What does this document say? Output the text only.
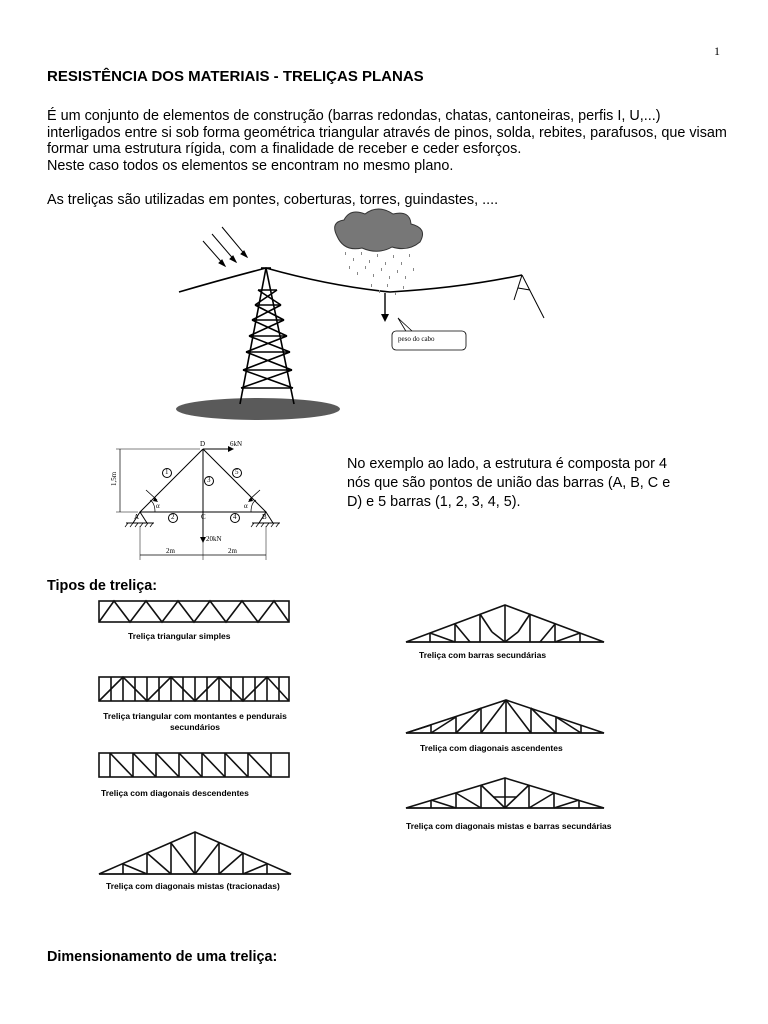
1
RESISTÊNCIA DOS MATERIAIS - TRELIÇAS PLANAS
É um conjunto de elementos de construção (barras redondas, chatas, cantoneiras, perfis I, U,...)
interligados entre si sob forma geométrica triangular através de pinos, solda, rebites, parafusos, que visam
formar uma estrutura rígida, com a finalidade de receber e ceder esforços.
Neste caso todos os elementos se encontram no mesmo plano.
As treliças são utilizadas em pontes, coberturas, torres, guindastes, ....
peso do cabo
D	6kN
A	B
C
1
2
3
4
5
20kN
1,5m
2m	2m
α	α
No exemplo ao lado, a estrutura é composta por 4
nós que são pontos de união das barras (A, B, C e
D) e 5 barras (1, 2, 3, 4, 5).
Tipos de treliça:
Treliça triangular simples
Treliça triangular com montantes e pendurais
secundários
Treliça com diagonais descendentes
Treliça com diagonais mistas (tracionadas)
Treliça com barras secundárias
Treliça com diagonais ascendentes
Treliça com diagonais mistas e barras secundárias
Dimensionamento de uma treliça:
